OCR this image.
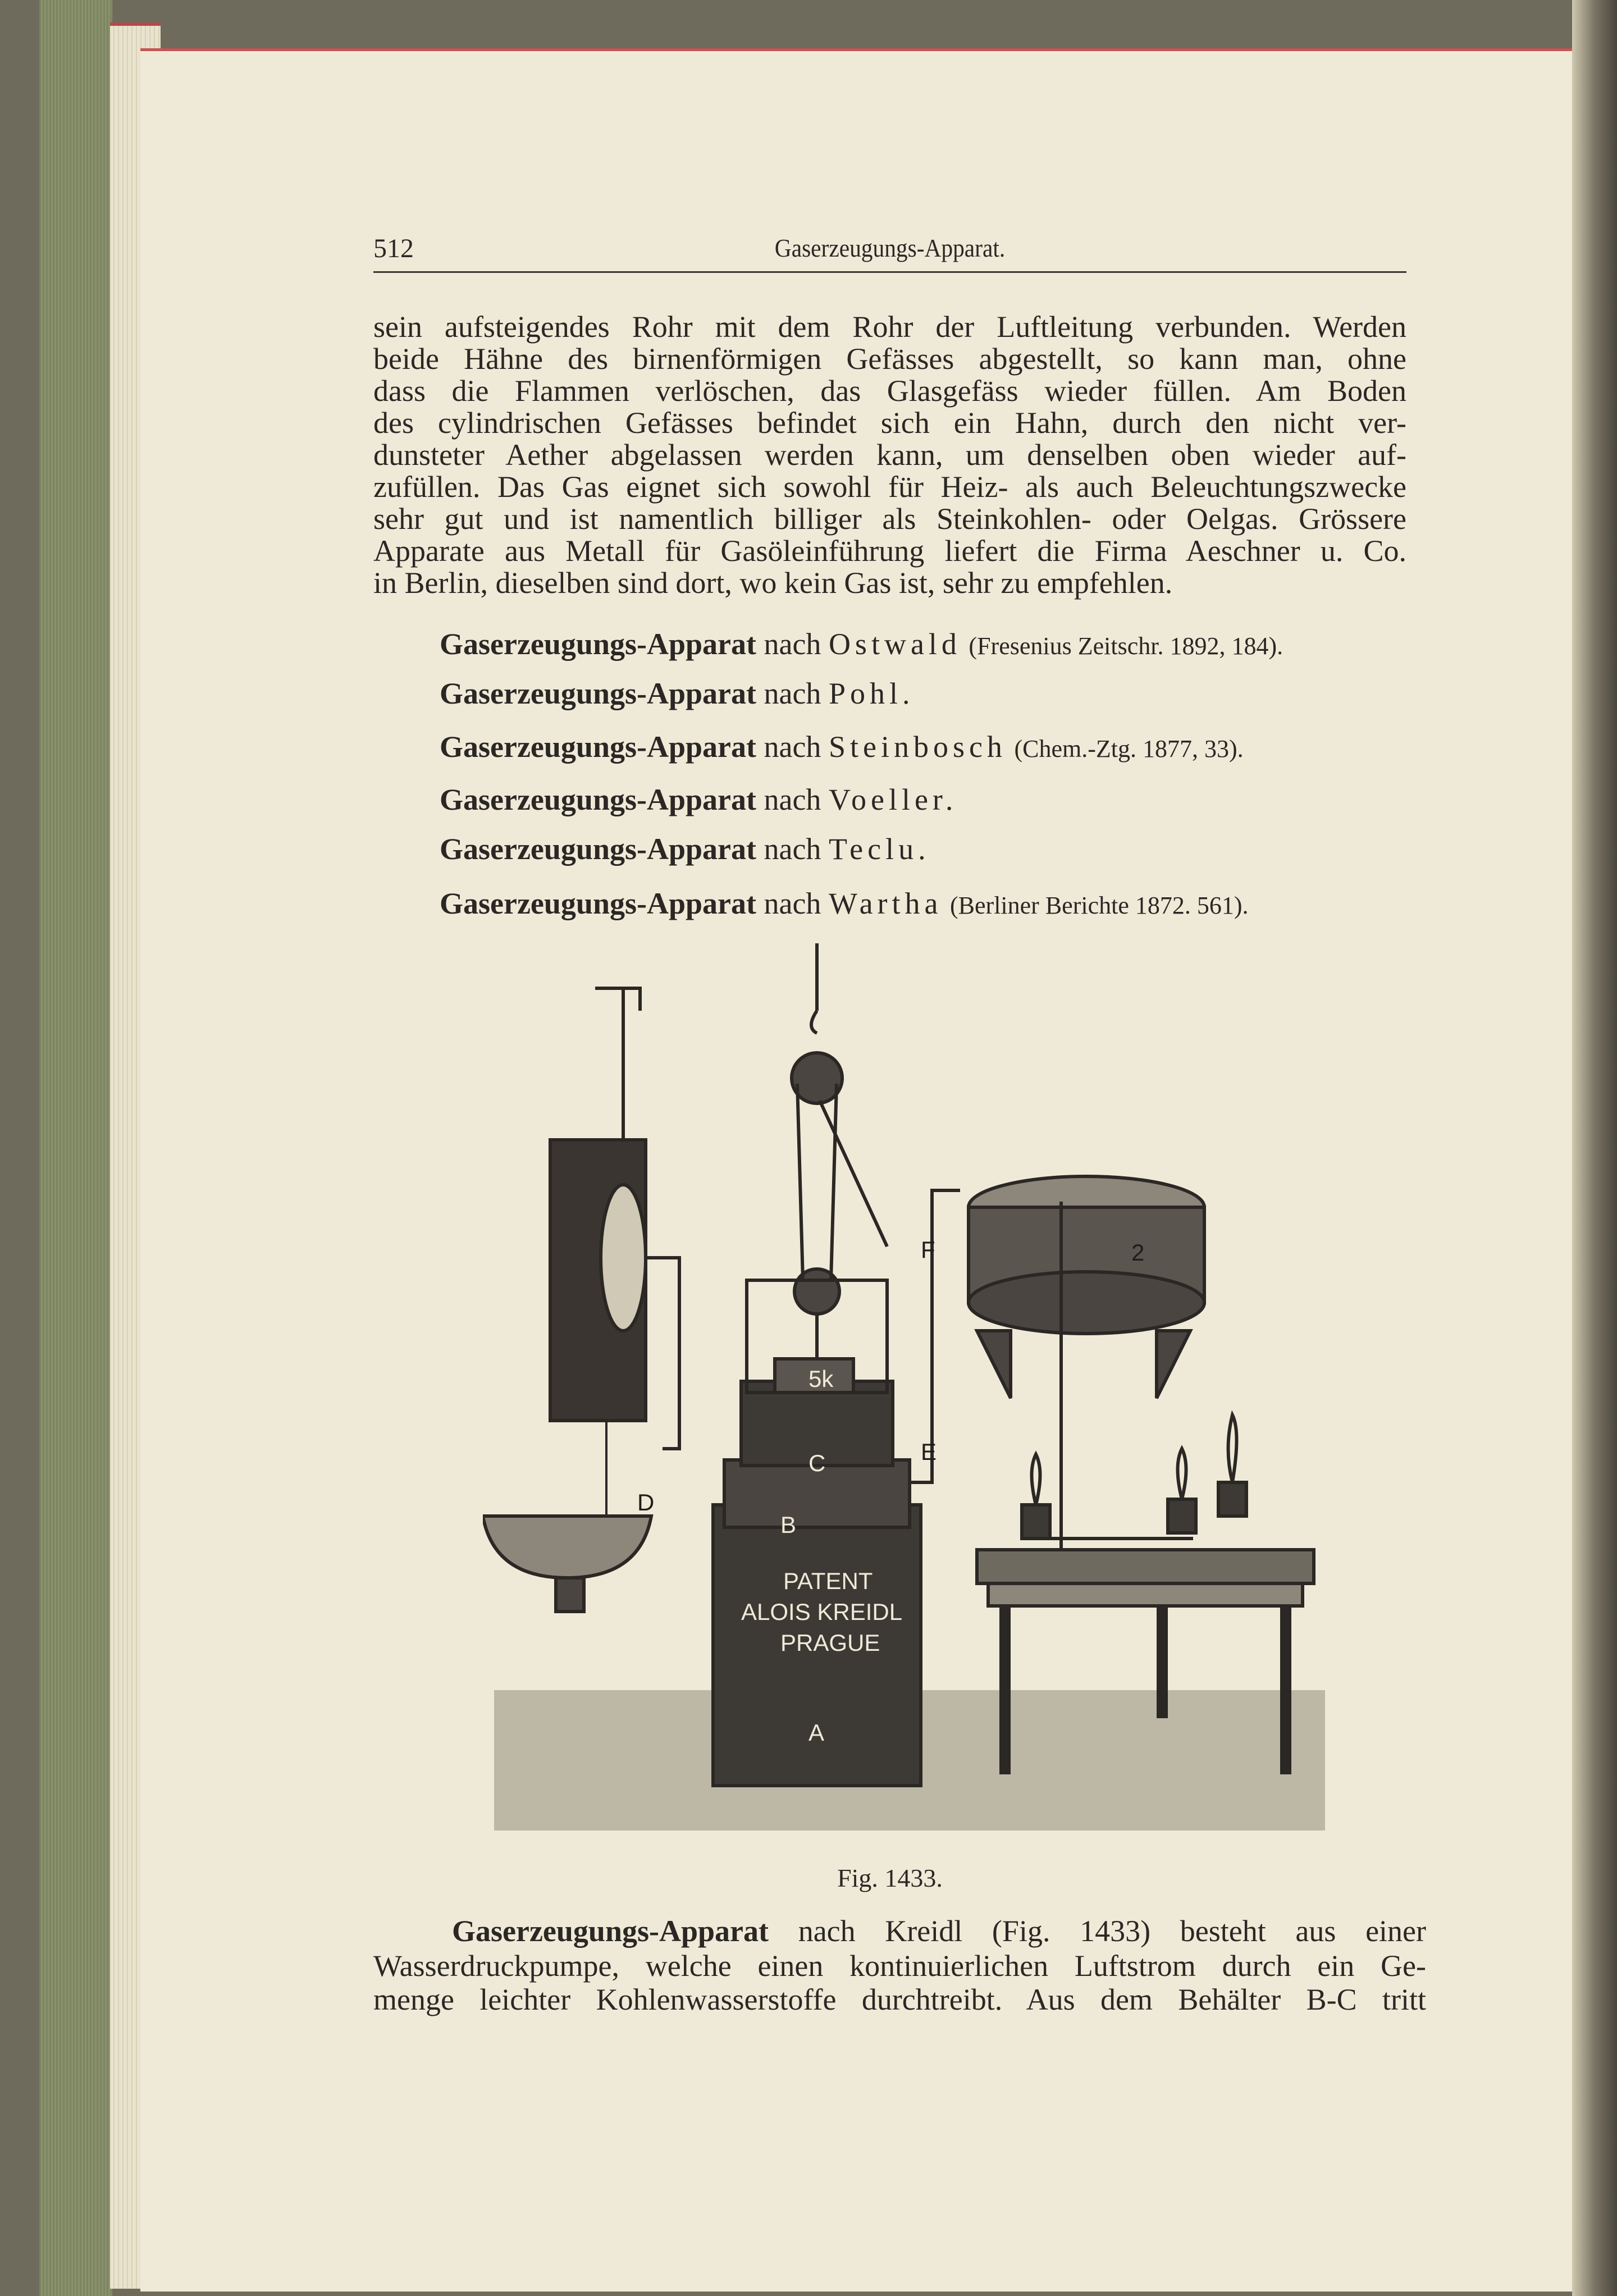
512	Gaserzeugungs-Apparat.
sein aufsteigendes Rohr mit dem Rohr der Luftleitung verbunden. Werden
beide Hähne des birnenförmigen Gefässes abgestellt, so kann man, ohne
dass die Flammen verlöschen, das Glasgefäss wieder füllen. Am Boden
des cylindrischen Gefässes befindet sich ein Hahn, durch den nicht ver-
dunsteter Aether abgelassen werden kann, um denselben oben wieder auf-
zufüllen. Das Gas eignet sich sowohl für Heiz- als auch Beleuchtungszwecke
sehr gut und ist namentlich billiger als Steinkohlen- oder Oelgas. Grössere
Apparate aus Metall für Gasöleinführung liefert die Firma Aeschner u. Co.
in Berlin, dieselben sind dort, wo kein Gas ist, sehr zu empfehlen.
Gaserzeugungs-Apparat nach Ostwald (Fresenius Zeitschr. 1892, 184).
Gaserzeugungs-Apparat nach Pohl.
Gaserzeugungs-Apparat nach Steinbosch (Chem.-Ztg. 1877, 33).
Gaserzeugungs-Apparat nach Voeller.
Gaserzeugungs-Apparat nach Teclu.
Gaserzeugungs-Apparat nach Wartha (Berliner Berichte 1872. 561).
D
E
F	2
5k
C
B
PATENT
ALOIS KREIDL
PRAGUE
A
Fig. 1433.
Gaserzeugungs-Apparat nach Kreidl (Fig. 1433) besteht aus einer
Wasserdruckpumpe, welche einen kontinuierlichen Luftstrom durch ein Ge-
menge leichter Kohlenwasserstoffe durchtreibt. Aus dem Behälter B-C tritt
